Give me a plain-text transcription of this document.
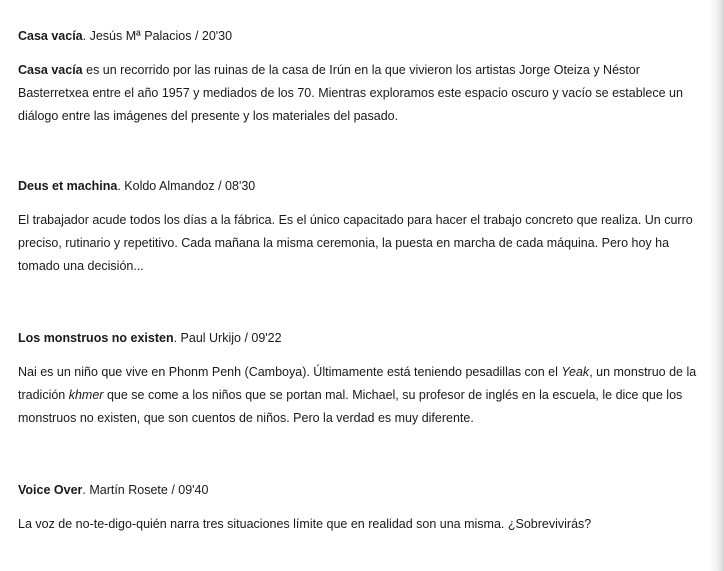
Casa vacía. Jesús Mª Palacios / 20'30

Casa vacía es un recorrido por las ruinas de la casa de Irún en la que vivieron los artistas Jorge Oteiza y Néstor Basterretxea entre el año 1957 y mediados de los 70. Mientras exploramos este espacio oscuro y vacío se establece un diálogo entre las imágenes del presente y los materiales del pasado.

Deus et machina. Koldo Almandoz / 08'30

El trabajador acude todos los días a la fábrica. Es el único capacitado para hacer el trabajo concreto que realiza. Un curro preciso, rutinario y repetitivo. Cada mañana la misma ceremonia, la puesta en marcha de cada máquina. Pero hoy ha tomado una decisión...

Los monstruos no existen. Paul Urkijo / 09'22

Nai es un niño que vive en Phonm Penh (Camboya). Últimamente está teniendo pesadillas con el Yeak, un monstruo de la tradición khmer que se come a los niños que se portan mal. Michael, su profesor de inglés en la escuela, le dice que los monstruos no existen, que son cuentos de niños. Pero la verdad es muy diferente.

Voice Over. Martín Rosete / 09'40

La voz de no-te-digo-quién narra tres situaciones límite que en realidad son una misma. ¿Sobrevivirás?
